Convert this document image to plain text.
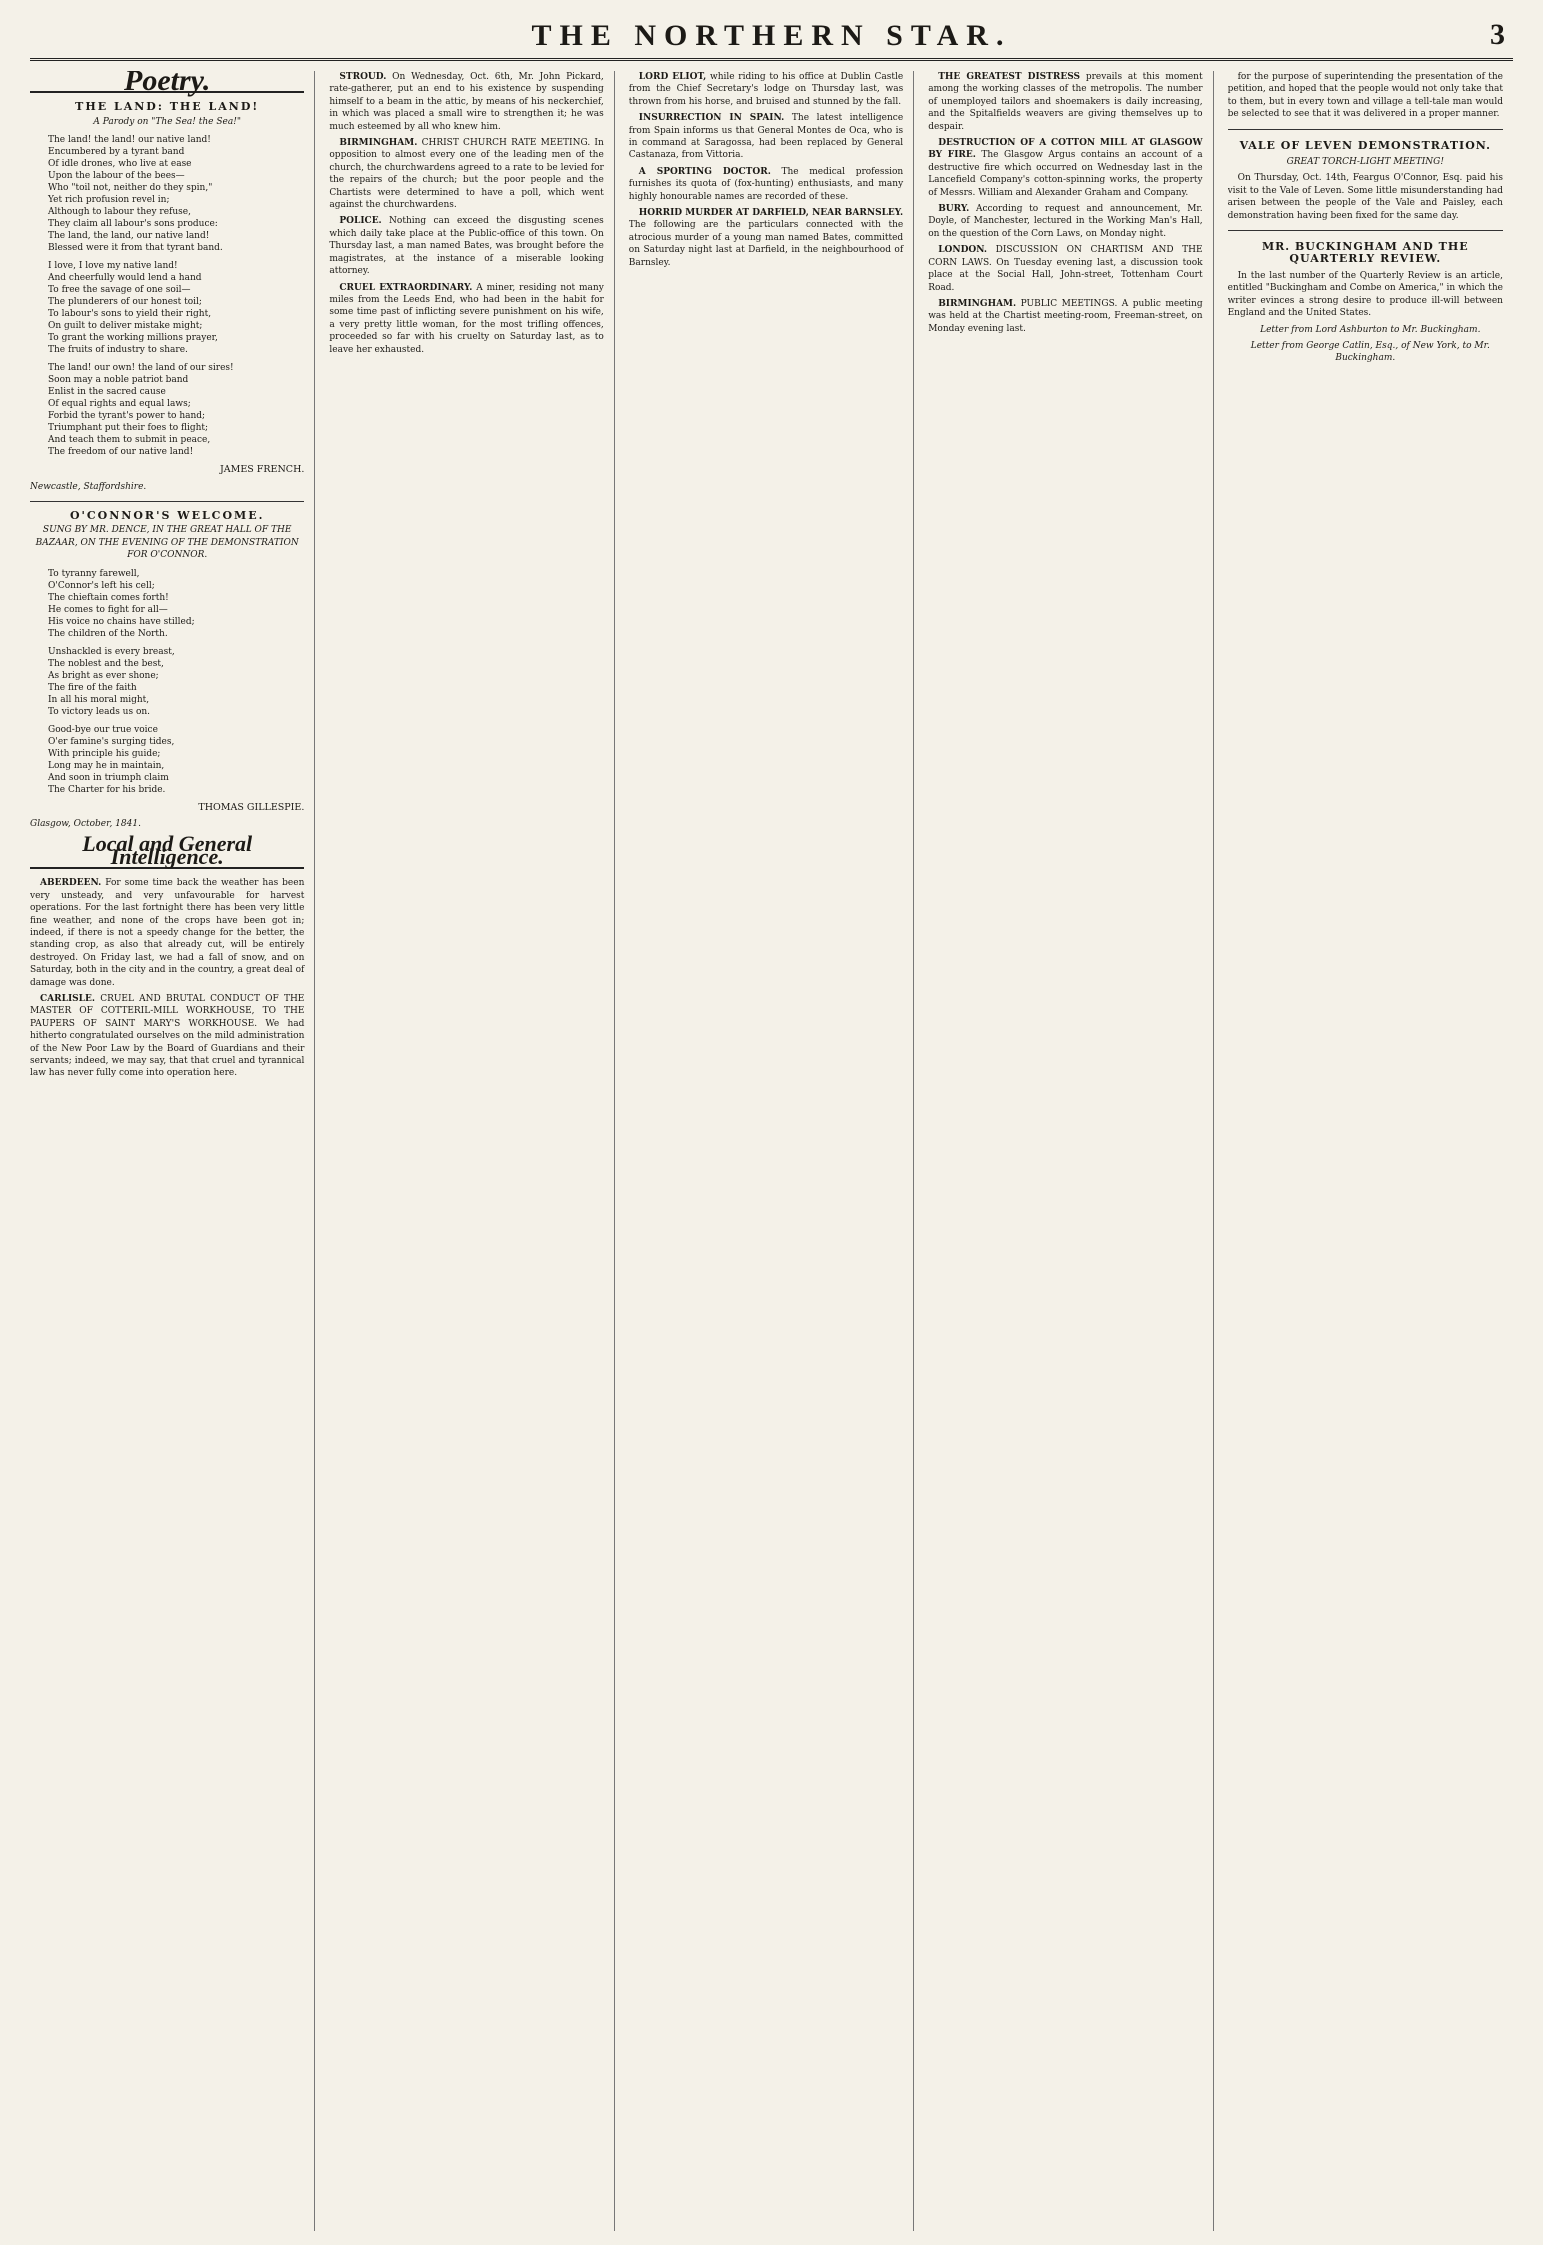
THE NORTHERN STAR.	3
Poetry.
THE LAND: THE LAND!
A Parody on "The Sea! the Sea!"

The land! the land! our native land!
Encumbered by a tyrant band
Of idle drones, who live at ease
Upon the labour of the bees—
Who "toil not, neither do they spin,"
Yet rich profusion revel in;
Although to labour they refuse,
They claim all labour's sons produce:
The land, the land, our native land!
Blessed were it from that tyrant band.

I love, I love my native land!
And cheerfully would lend a hand
To free the savage of one soil—
The plunderers of our honest toil;
To labour's sons to yield their right,
On guilt to deliver mistake might;
To grant the working millions prayer,
The fruits of industry to share.

The land! our own! the land of our sires!
Soon may a noble patriot band
Enlist in the sacred cause
Of equal rights and equal laws;
Forbid the tyrant's power to hand;
Triumphant put their foes to flight;
And teach them to submit in peace,
The freedom of our native land!

JAMES FRENCH.
Newcastle, Staffordshire.
O'CONNOR'S WELCOME.
SUNG BY MR. DENCE, IN THE GREAT HALL OF THE BAZAAR, ON THE EVENING OF THE DEMONSTRATION FOR O'CONNOR.

To tyranny farewell,
O'Connor's left his cell;
The chieftain comes forth!
He comes to fight for all—
His voice no chains have stilled;
The children of the North.

Unshackled is every breast,
The noblest and the best,
As bright as ever shone;
The fire of the faith
In all his moral might,
To victory leads us on.

Good-bye our true voice
O'er famine's surging tides,
With principle his guide;
Long may he in maintain,
And soon in triumph claim
The Charter for his bride.

THOMAS GILLESPIE.
Glasgow, October, 1841.
Local and General Intelligence.

ABERDEEN. For some time back the weather has been very unsteady, and very unfavourable for harvest operations. For the last fortnight there has been very little fine weather, and none of the crops have been got in; indeed, if there is not a speedy change for the better, the standing crop, as also that already cut, will be entirely destroyed. On Friday last, we had a fall of snow, and on Saturday, both in the city and in the country, a great deal of damage was done.

CARLISLE. CRUEL AND BRUTAL CONDUCT OF THE MASTER OF COTTERIL-MILL WORKHOUSE, TO THE PAUPERS OF SAINT MARY'S WORKHOUSE. We had hitherto congratulated ourselves on the mild administration of the New Poor Law by the Board of Guardians and their servants; indeed, we may say, that that cruel and tyrannical law has never fully come into operation here.

STROUD. On Wednesday, Oct. 6th, Mr. John Pickard, rate-gatherer, put an end to his existence by suspending himself to a beam in the attic, by means of his neckerchief, in which was placed a small wire to strengthen it; he was much esteemed by all who knew him.

BIRMINGHAM. CHRIST CHURCH RATE MEETING. In opposition to almost every one of the leading men of the church, the churchwardens agreed to a rate to be levied for the repairs of the church; but the poor people and the Chartists were determined to have a poll, which went against the churchwardens.

POLICE. Nothing can exceed the disgusting scenes which daily take place at the Public-office of this town. On Thursday last, a man named Bates, was brought before the magistrates, at the instance of a miserable looking attorney.

CRUEL EXTRAORDINARY. A miner, residing not many miles from the Leeds End, who had been in the habit for some time past of inflicting severe punishment on his wife, a very pretty little woman, for the most trifling offences, proceeded so far with his cruelty on Saturday last, as to leave her exhausted.

LORD ELIOT, while riding to his office at Dublin Castle from the Chief Secretary's lodge on Thursday last, was thrown from his horse, and bruised and stunned by the fall.

INSURRECTION IN SPAIN. The latest intelligence from Spain informs us that General Montes de Oca, who is in command at Saragossa, had been replaced by General Castanaza, from Vittoria.

A SPORTING DOCTOR. The medical profession furnishes its quota of (fox-hunting) enthusiasts, and many highly honourable names are recorded of these.

HORRID MURDER AT DARFIELD, NEAR BARNSLEY. The following are the particulars connected with the atrocious murder of a young man named Bates, committed on Saturday night last at Darfield, in the neighbourhood of Barnsley.

THE GREATEST DISTRESS prevails at this moment among the working classes of the metropolis. The number of unemployed tailors and shoemakers is daily increasing, and the Spitalfields weavers are giving themselves up to despair.

DESTRUCTION OF A COTTON MILL AT GLASGOW BY FIRE. The Glasgow Argus contains an account of a destructive fire which occurred on Wednesday last in the Lancefield Company's cotton-spinning works, the property of Messrs. William and Alexander Graham and Company.

BURY. According to request and announcement, Mr. Doyle, of Manchester, lectured in the Working Man's Hall, on the question of the Corn Laws, on Monday night.

LONDON. DISCUSSION ON CHARTISM AND THE CORN LAWS. On Tuesday evening last, a discussion took place at the Social Hall, John-street, Tottenham Court Road.

BIRMINGHAM. PUBLIC MEETINGS. A public meeting was held at the Chartist meeting-room, Freeman-street, on Monday evening last.

for the purpose of superintending the presentation of the petition, and hoped that the people would not only take that to them, but in every town and village a tell-tale man would be selected to see that it was delivered in a proper manner.

VALE OF LEVEN DEMONSTRATION.
GREAT TORCH-LIGHT MEETING!

On Thursday, Oct. 14th, Feargus O'Connor, Esq. paid his visit to the Vale of Leven. Some little misunderstanding had arisen between the people of the Vale and Paisley, each demonstration having been fixed for the same day.

MR. BUCKINGHAM AND THE QUARTERLY REVIEW.

In the last number of the Quarterly Review is an article, entitled "Buckingham and Combe on America," in which the writer evinces a strong desire to produce ill-will between England and the United States.

Letter from Lord Ashburton to Mr. Buckingham.

Letter from George Catlin, Esq., of New York, to Mr. Buckingham.
